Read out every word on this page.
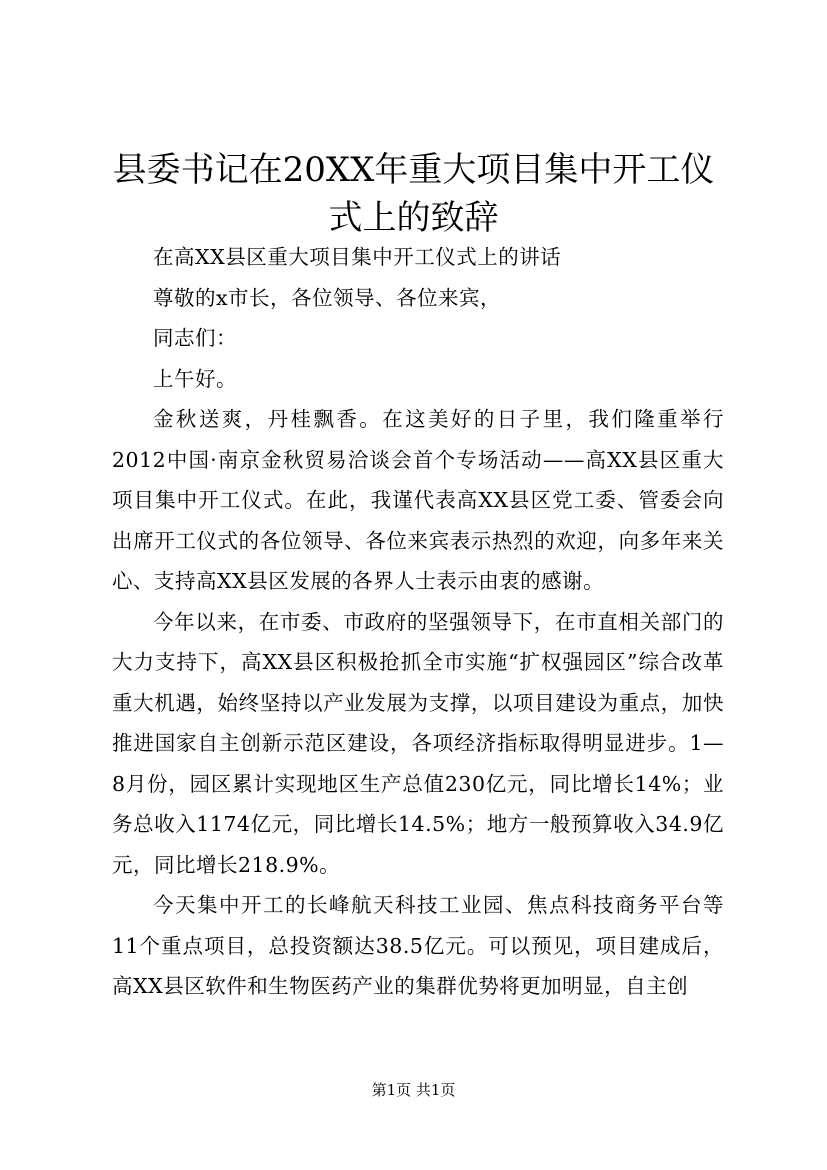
县委书记在20XX年重大项目集中开工仪式上的致辞

在高XX县区重大项目集中开工仪式上的讲话

尊敬的x市长，各位领导、各位来宾，

同志们：

上午好。

金秋送爽，丹桂飘香。在这美好的日子里，我们隆重举行2012中国·南京金秋贸易洽谈会首个专场活动——高XX县区重大项目集中开工仪式。在此，我谨代表高XX县区党工委、管委会向出席开工仪式的各位领导、各位来宾表示热烈的欢迎，向多年来关心、支持高XX县区发展的各界人士表示由衷的感谢。

今年以来，在市委、市政府的坚强领导下，在市直相关部门的大力支持下，高XX县区积极抢抓全市实施“扩权强园区”综合改革重大机遇，始终坚持以产业发展为支撑，以项目建设为重点，加快推进国家自主创新示范区建设，各项经济指标取得明显进步。1—8月份，园区累计实现地区生产总值230亿元，同比增长14%；业务总收入1174亿元，同比增长14.5%；地方一般预算收入34.9亿元，同比增长218.9%。

今天集中开工的长峰航天科技工业园、焦点科技商务平台等11个重点项目，总投资额达38.5亿元。可以预见，项目建成后，高XX县区软件和生物医药产业的集群优势将更加明显，自主创

第1页 共1页
